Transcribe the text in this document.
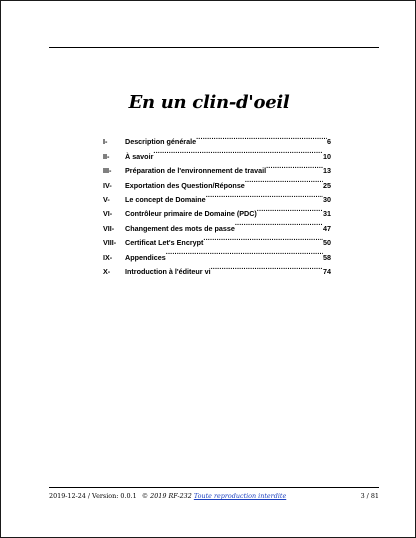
En un clin-d'oeil
I-	Description générale .....	6
II-	À savoir .....	10
III-	Préparation de l'environnement de travail .....	13
IV-	Exportation des Question/Réponse .....	25
V-	Le concept de Domaine .....	30
VI-	Contrôleur primaire de Domaine (PDC) .....	31
VII-	Changement des mots de passe .....	47
VIII-	Certificat Let's Encrypt .....	50
IX-	Appendices .....	58
X-	Introduction à l'éditeur vi .....	74
2019-12-24 / Version: 0.0.1 © 2019 RF-232 Toute reproduction interdite	3 / 81
